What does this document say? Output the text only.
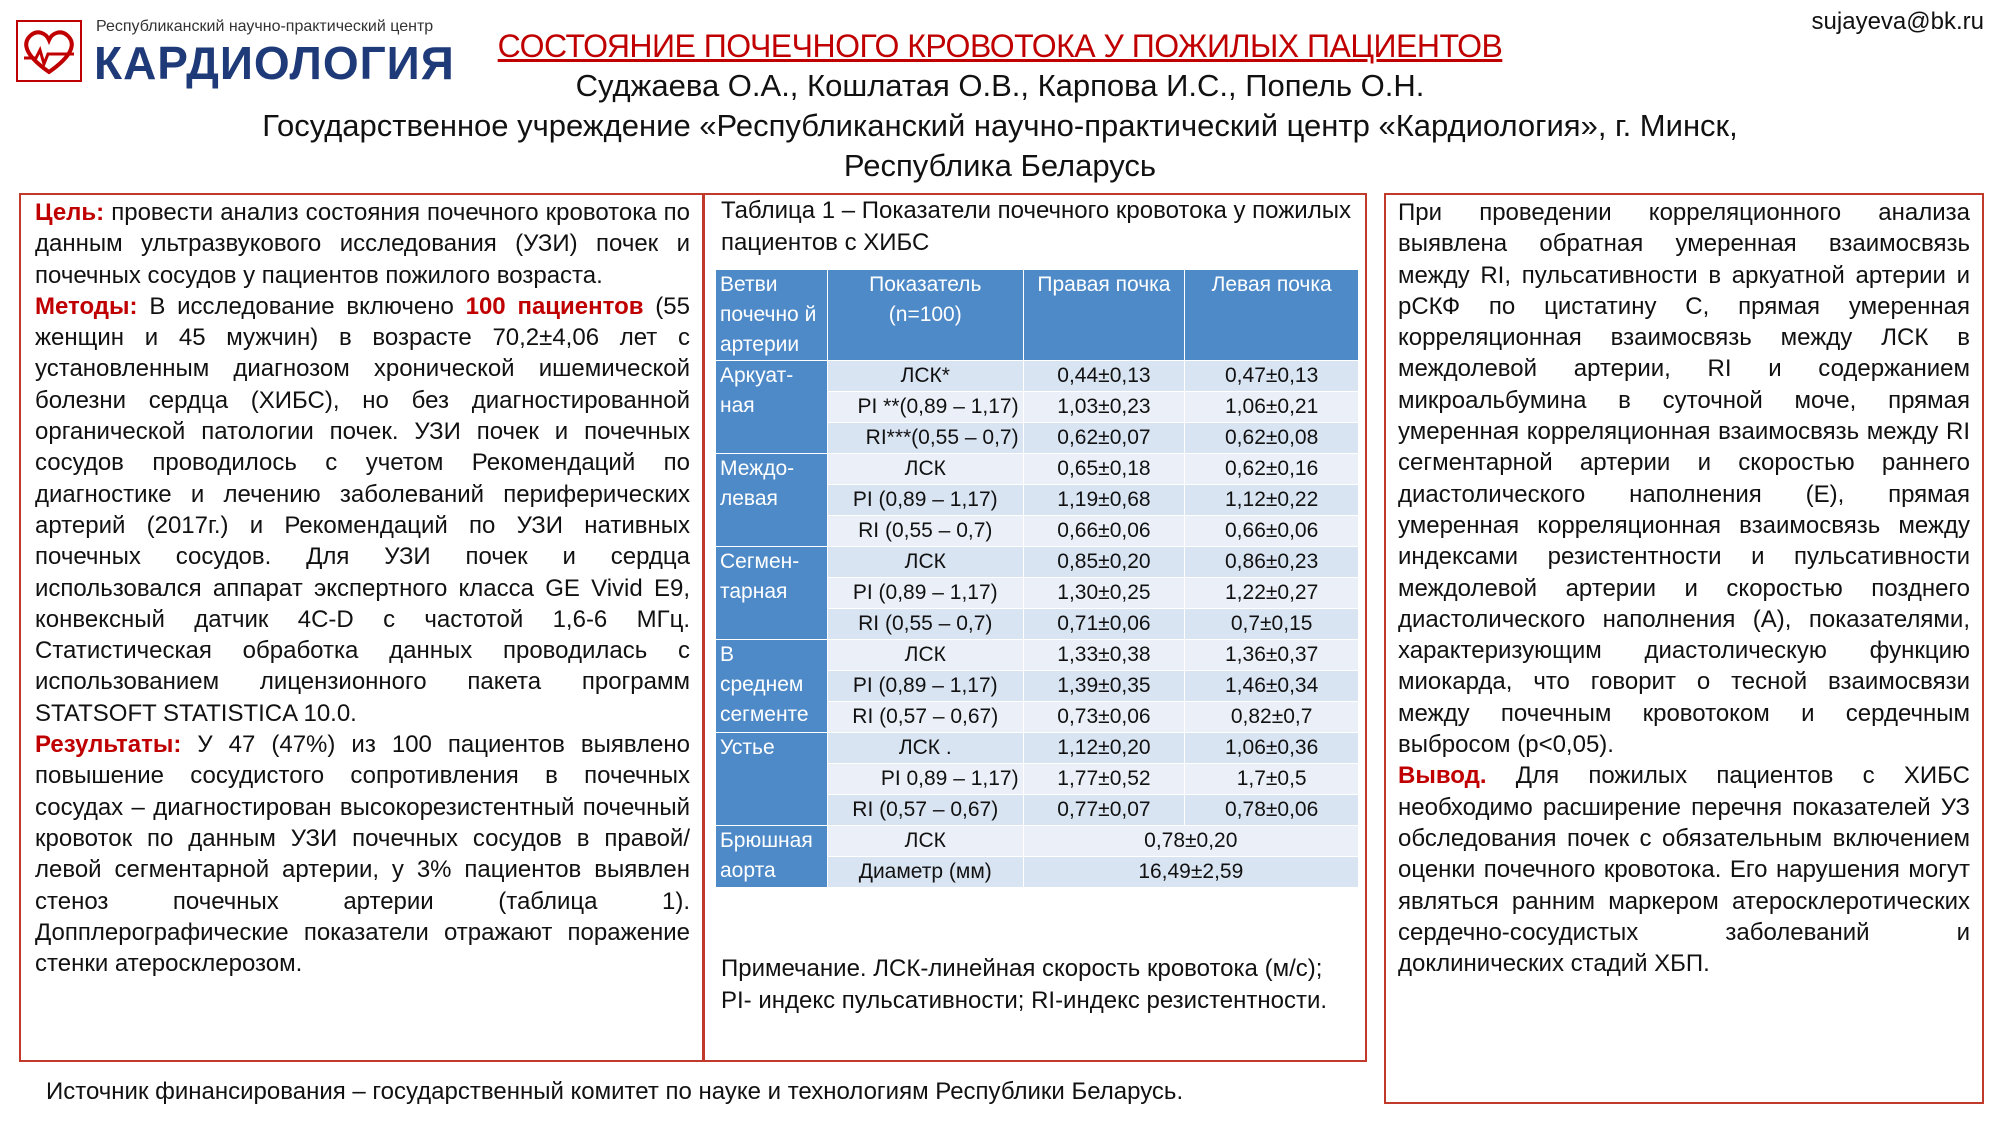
Республиканский научно-практический центр
КАРДИОЛОГИЯ
sujayeva@bk.ru
СОСТОЯНИЕ ПОЧЕЧНОГО КРОВОТОКА У ПОЖИЛЫХ ПАЦИЕНТОВ
Суджаева О.А., Кошлатая О.В., Карпова И.С., Попель О.Н.
Государственное учреждение «Республиканский научно-практический центр «Кардиология», г. Минск, Республика Беларусь

Цель: провести анализ состояния почечного кровотока по данным ультразвукового исследования (УЗИ) почек и почечных сосудов у пациентов пожилого возраста.
Методы: В исследование включено 100 пациентов (55 женщин и 45 мужчин) в возрасте 70,2±4,06 лет с установленным диагнозом хронической ишемической болезни сердца (ХИБС), но без диагностированной органической патологии почек. УЗИ почек и почечных сосудов проводилось с учетом Рекомендаций по диагностике и лечению заболеваний периферических артерий (2017г.) и Рекомендаций по УЗИ нативных почечных сосудов. Для УЗИ почек и сердца использовался аппарат экспертного класса GE Vivid E9, конвексный датчик 4C-D с частотой 1,6-6 МГц. Статистическая обработка данных проводилась с использованием лицензионного пакета программ STATSOFT STATISTICA 10.0.
Результаты: У 47 (47%) из 100 пациентов выявлено повышение сосудистого сопротивления в почечных сосудах – диагностирован высокорезистентный почечный кровоток по данным УЗИ почечных сосудов в правой/левой сегментарной артерии, у 3% пациентов выявлен стеноз почечных артерии (таблица 1). Допплерографические показатели отражают поражение стенки атеросклерозом.

Таблица 1 – Показатели почечного кровотока у пожилых пациентов с ХИБС

Ветви почечно й артерии	Показатель (n=100)	Правая почка	Левая почка
Аркуат-ная	ЛСК*	0,44±0,13	0,47±0,13
	PI **(0,89 – 1,17)	1,03±0,23	1,06±0,21
	RI***(0,55 – 0,7)	0,62±0,07	0,62±0,08
Междо-левая	ЛСК	0,65±0,18	0,62±0,16
	PI (0,89 – 1,17)	1,19±0,68	1,12±0,22
	RI (0,55 – 0,7)	0,66±0,06	0,66±0,06
Сегмен-тарная	ЛСК	0,85±0,20	0,86±0,23
	PI (0,89 – 1,17)	1,30±0,25	1,22±0,27
	RI (0,55 – 0,7)	0,71±0,06	0,7±0,15
В среднем сегменте	ЛСК	1,33±0,38	1,36±0,37
	PI (0,89 – 1,17)	1,39±0,35	1,46±0,34
	RI (0,57 – 0,67)	0,73±0,06	0,82±0,7
Устье	ЛСК .	1,12±0,20	1,06±0,36
	PI 0,89 – 1,17)	1,77±0,52	1,7±0,5
	RI (0,57 – 0,67)	0,77±0,07	0,78±0,06
Брюшная аорта	ЛСК	0,78±0,20	
	Диаметр (мм)	16,49±2,59	

Примечание. ЛСК-линейная скорость кровотока (м/с); PI- индекс пульсативности; RI-индекс резистентности.

При проведении корреляционного анализа выявлена обратная умеренная взаимосвязь между RI, пульсативности в аркуатной артерии и рСКФ по цистатину С, прямая умеренная корреляционная взаимосвязь между ЛСК в междолевой артерии, RI и содержанием микроальбумина в суточной моче, прямая умеренная корреляционная взаимосвязь между RI сегментарной артерии и скоростью раннего диастолического наполнения (Е), прямая умеренная корреляционная взаимосвязь между индексами резистентности и пульсативности междолевой артерии и скоростью позднего диастолического наполнения (А), показателями, характеризующим диастолическую функцию миокарда, что говорит о тесной взаимосвязи между почечным кровотоком и сердечным выбросом (р<0,05).
Вывод. Для пожилых пациентов с ХИБС необходимо расширение перечня показателей УЗ обследования почек с обязательным включением оценки почечного кровотока. Его нарушения могут являться ранним маркером атеросклеротических сердечно-сосудистых заболеваний и доклинических стадий ХБП.

Источник финансирования – государственный комитет по науке и технологиям Республики Беларусь.
